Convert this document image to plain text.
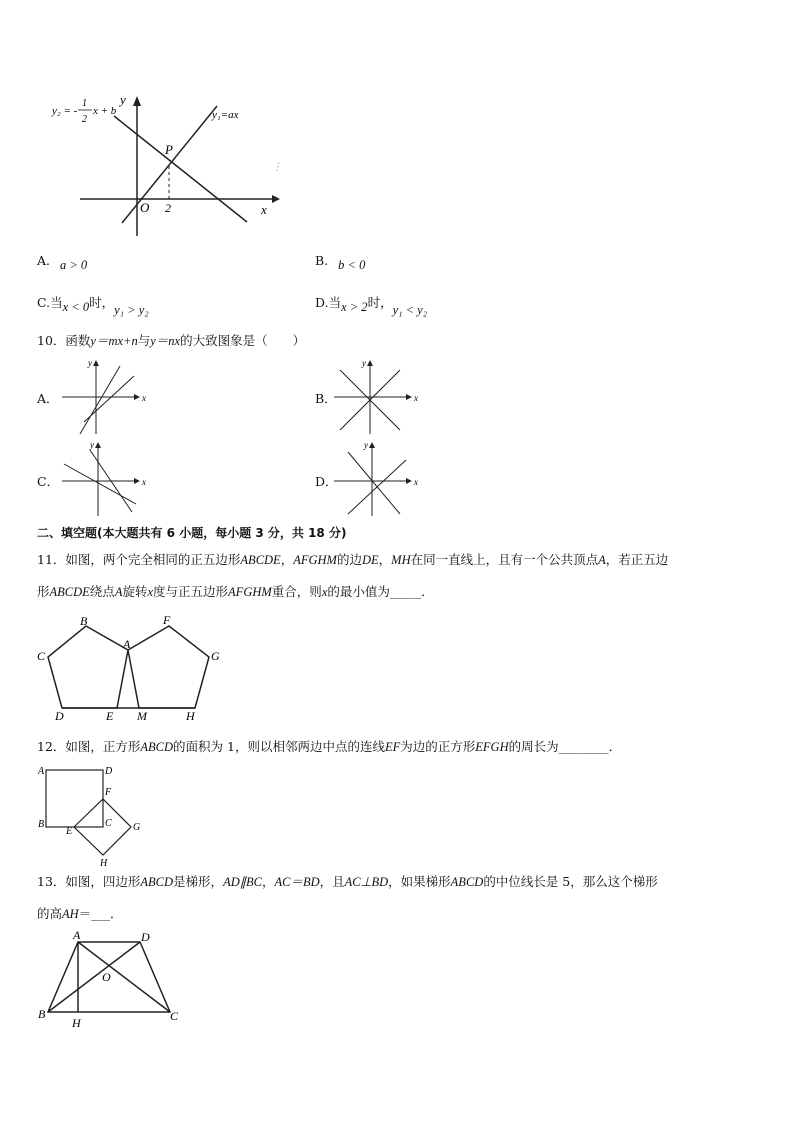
y₂ = -
1
2
x + b	y₁=ax
y
x
O
P
2
⋮
A. a > 0	B. b < 0
C.当x < 0时，y₁ > y₂	D.当x > 2时，y₁ < y₂
10．函数y＝mx+n与y＝nx的大致图象是（　　）
A．
y
x	B．
y
x
C．
y
x	D．
y
x
二、填空题(本大题共有 6 小题，每小题 3 分，共 18 分)
11．如图，两个完全相同的正五边形ABCDE，AFGHM的边DE，MH在同一直线上，且有一个公共顶点A，若正五边
形ABCDE绕点A旋转x度与正五边形AFGHM重合，则x的最小值为_____．
A
B
C
D	E M
F
G
H
12．如图，正方形ABCD的面积为 1，则以相邻两边中点的连线EF为边的正方形EFGH的周长为________．
A	D
B	C
E
F
G
H
13．如图，四边形ABCD是梯形，AD∥BC，AC＝BD，且AC⊥BD，如果梯形ABCD的中位线长是 5，那么这个梯形
的高AH＝___．
A	D
B	C
O
H
